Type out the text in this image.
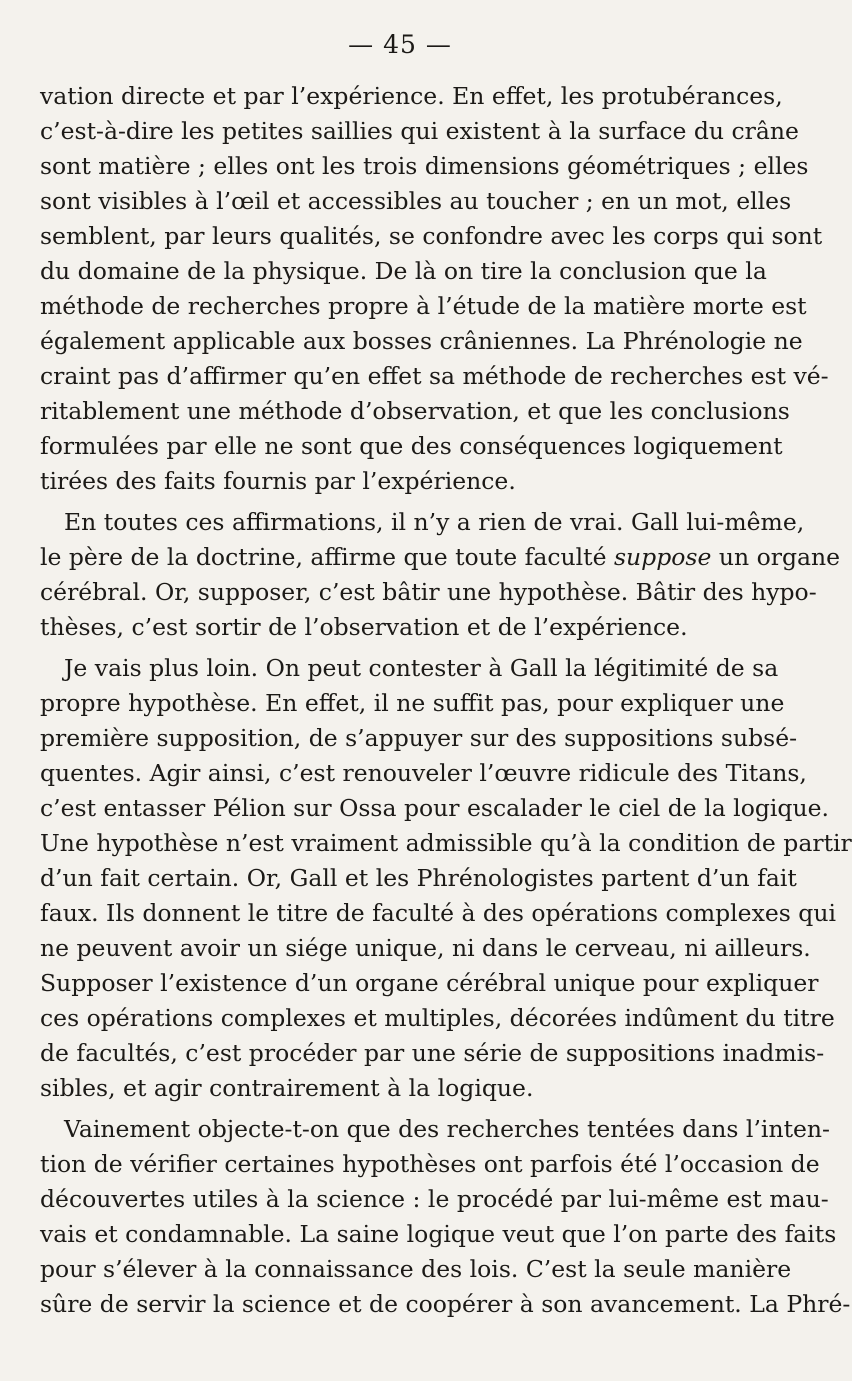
— 45 —
vation directe et par l’expérience. En effet, les protubérances,
c’est-à-dire les petites saillies qui existent à la surface du crâne
sont matière ; elles ont les trois dimensions géométriques ; elles
sont visibles à l’œil et accessibles au toucher ; en un mot, elles
semblent, par leurs qualités, se confondre avec les corps qui sont
du domaine de la physique. De là on tire la conclusion que la
méthode de recherches propre à l’étude de la matière morte est
également applicable aux bosses crâniennes. La Phrénologie ne
craint pas d’affirmer qu’en effet sa méthode de recherches est vé-
ritablement une méthode d’observation, et que les conclusions
formulées par elle ne sont que des conséquences logiquement
tirées des faits fournis par l’expérience.
En toutes ces affirmations, il n’y a rien de vrai. Gall lui-même,
le père de la doctrine, affirme que toute faculté suppose un organe
cérébral. Or, supposer, c’est bâtir une hypothèse. Bâtir des hypo-
thèses, c’est sortir de l’observation et de l’expérience.
Je vais plus loin. On peut contester à Gall la légitimité de sa
propre hypothèse. En effet, il ne suffit pas, pour expliquer une
première supposition, de s’appuyer sur des suppositions subsé-
quentes. Agir ainsi, c’est renouveler l’œuvre ridicule des Titans,
c’est entasser Pélion sur Ossa pour escalader le ciel de la logique.
Une hypothèse n’est vraiment admissible qu’à la condition de partir
d’un fait certain. Or, Gall et les Phrénologistes partent d’un fait
faux. Ils donnent le titre de faculté à des opérations complexes qui
ne peuvent avoir un siége unique, ni dans le cerveau, ni ailleurs.
Supposer l’existence d’un organe cérébral unique pour expliquer
ces opérations complexes et multiples, décorées indûment du titre
de facultés, c’est procéder par une série de suppositions inadmis-
sibles, et agir contrairement à la logique.
Vainement objecte-t-on que des recherches tentées dans l’inten-
tion de vérifier certaines hypothèses ont parfois été l’occasion de
découvertes utiles à la science : le procédé par lui-même est mau-
vais et condamnable. La saine logique veut que l’on parte des faits
pour s’élever à la connaissance des lois. C’est la seule manière
sûre de servir la science et de coopérer à son avancement. La Phré-
